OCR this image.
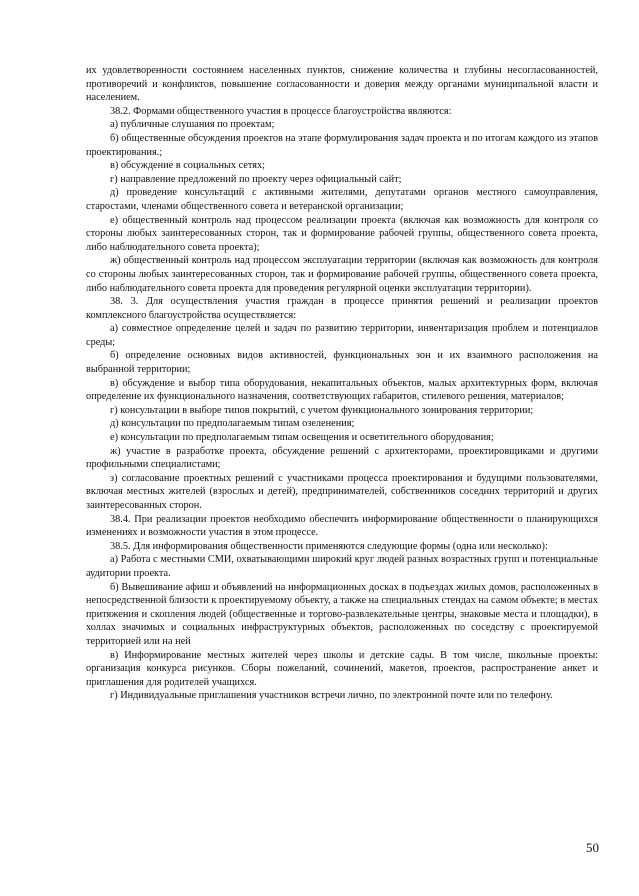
их удовлетворенности состоянием населенных пунктов, снижение количества и глубины несогласованностей, противоречий и конфликтов, повышение согласованности и доверия между органами муниципальной власти и населением.

38.2. Формами общественного участия в процессе благоустройства являются:

а) публичные слушания по проектам;

б) общественные обсуждения проектов на этапе формулирования задач проекта и по итогам каждого из этапов проектирования.;

в) обсуждение в социальных сетях;

г) направление предложений по проекту через официальный сайт;

д) проведение консультаций с активными жителями, депутатами органов местного самоуправления, старостами, членами общественного совета и ветеранской организации;

е) общественный контроль над процессом реализации проекта (включая как возможность для контроля со стороны любых заинтересованных сторон, так и формирование рабочей группы, общественного совета проекта, либо наблюдательного совета проекта);

ж) общественный контроль над процессом эксплуатации территории (включая как возможность для контроля со стороны любых заинтересованных сторон, так и формирование рабочей группы, общественного совета проекта, либо наблюдательного совета проекта для проведения регулярной оценки эксплуатации территории).

38. 3. Для осуществления участия граждан в процессе принятия решений и реализации проектов комплексного благоустройства осуществляется:

а) совместное определение целей и задач по развитию территории, инвентаризация проблем и потенциалов среды;

б) определение основных видов активностей, функциональных зон и их взаимного расположения на выбранной территории;

в) обсуждение и выбор типа оборудования, некапитальных объектов, малых архитектурных форм, включая определение их функционального назначения, соответствующих габаритов, стилевого решения, материалов;

г) консультации в выборе типов покрытий, с учетом функционального зонирования территории;

д) консультации по предполагаемым типам озеленения;

е) консультации по предполагаемым типам освещения и осветительного оборудования;

ж) участие в разработке проекта, обсуждение решений с архитекторами, проектировщиками и другими профильными специалистами;

з) согласование проектных решений с участниками процесса проектирования и будущими пользователями, включая местных жителей (взрослых и детей), предпринимателей, собственников соседних территорий и других заинтересованных сторон.

38.4. При реализации проектов необходимо обеспечить информирование общественности о планирующихся изменениях и возможности участия в этом процессе.

38.5. Для информирования общественности применяются следующие формы (одна или несколько):

а) Работа с местными СМИ, охватывающими широкий круг людей разных возрастных групп и потенциальные аудитории проекта.

б) Вывешивание афиш и объявлений на информационных досках в подъездах жилых домов, расположенных в непосредственной близости к проектируемому объекту, а также на специальных стендах на самом объекте; в местах притяжения и скопления людей (общественные и торгово-развлекательные центры, знаковые места и площадки), в холлах значимых и социальных инфраструктурных объектов, расположенных по соседству с проектируемой территорией или на ней

в) Информирование местных жителей через школы и детские сады. В том числе, школьные проекты: организация конкурса рисунков. Сборы пожеланий, сочинений, макетов, проектов, распространение анкет и приглашения для родителей учащихся.

г) Индивидуальные приглашения участников встречи лично, по электронной почте или по телефону.

50
